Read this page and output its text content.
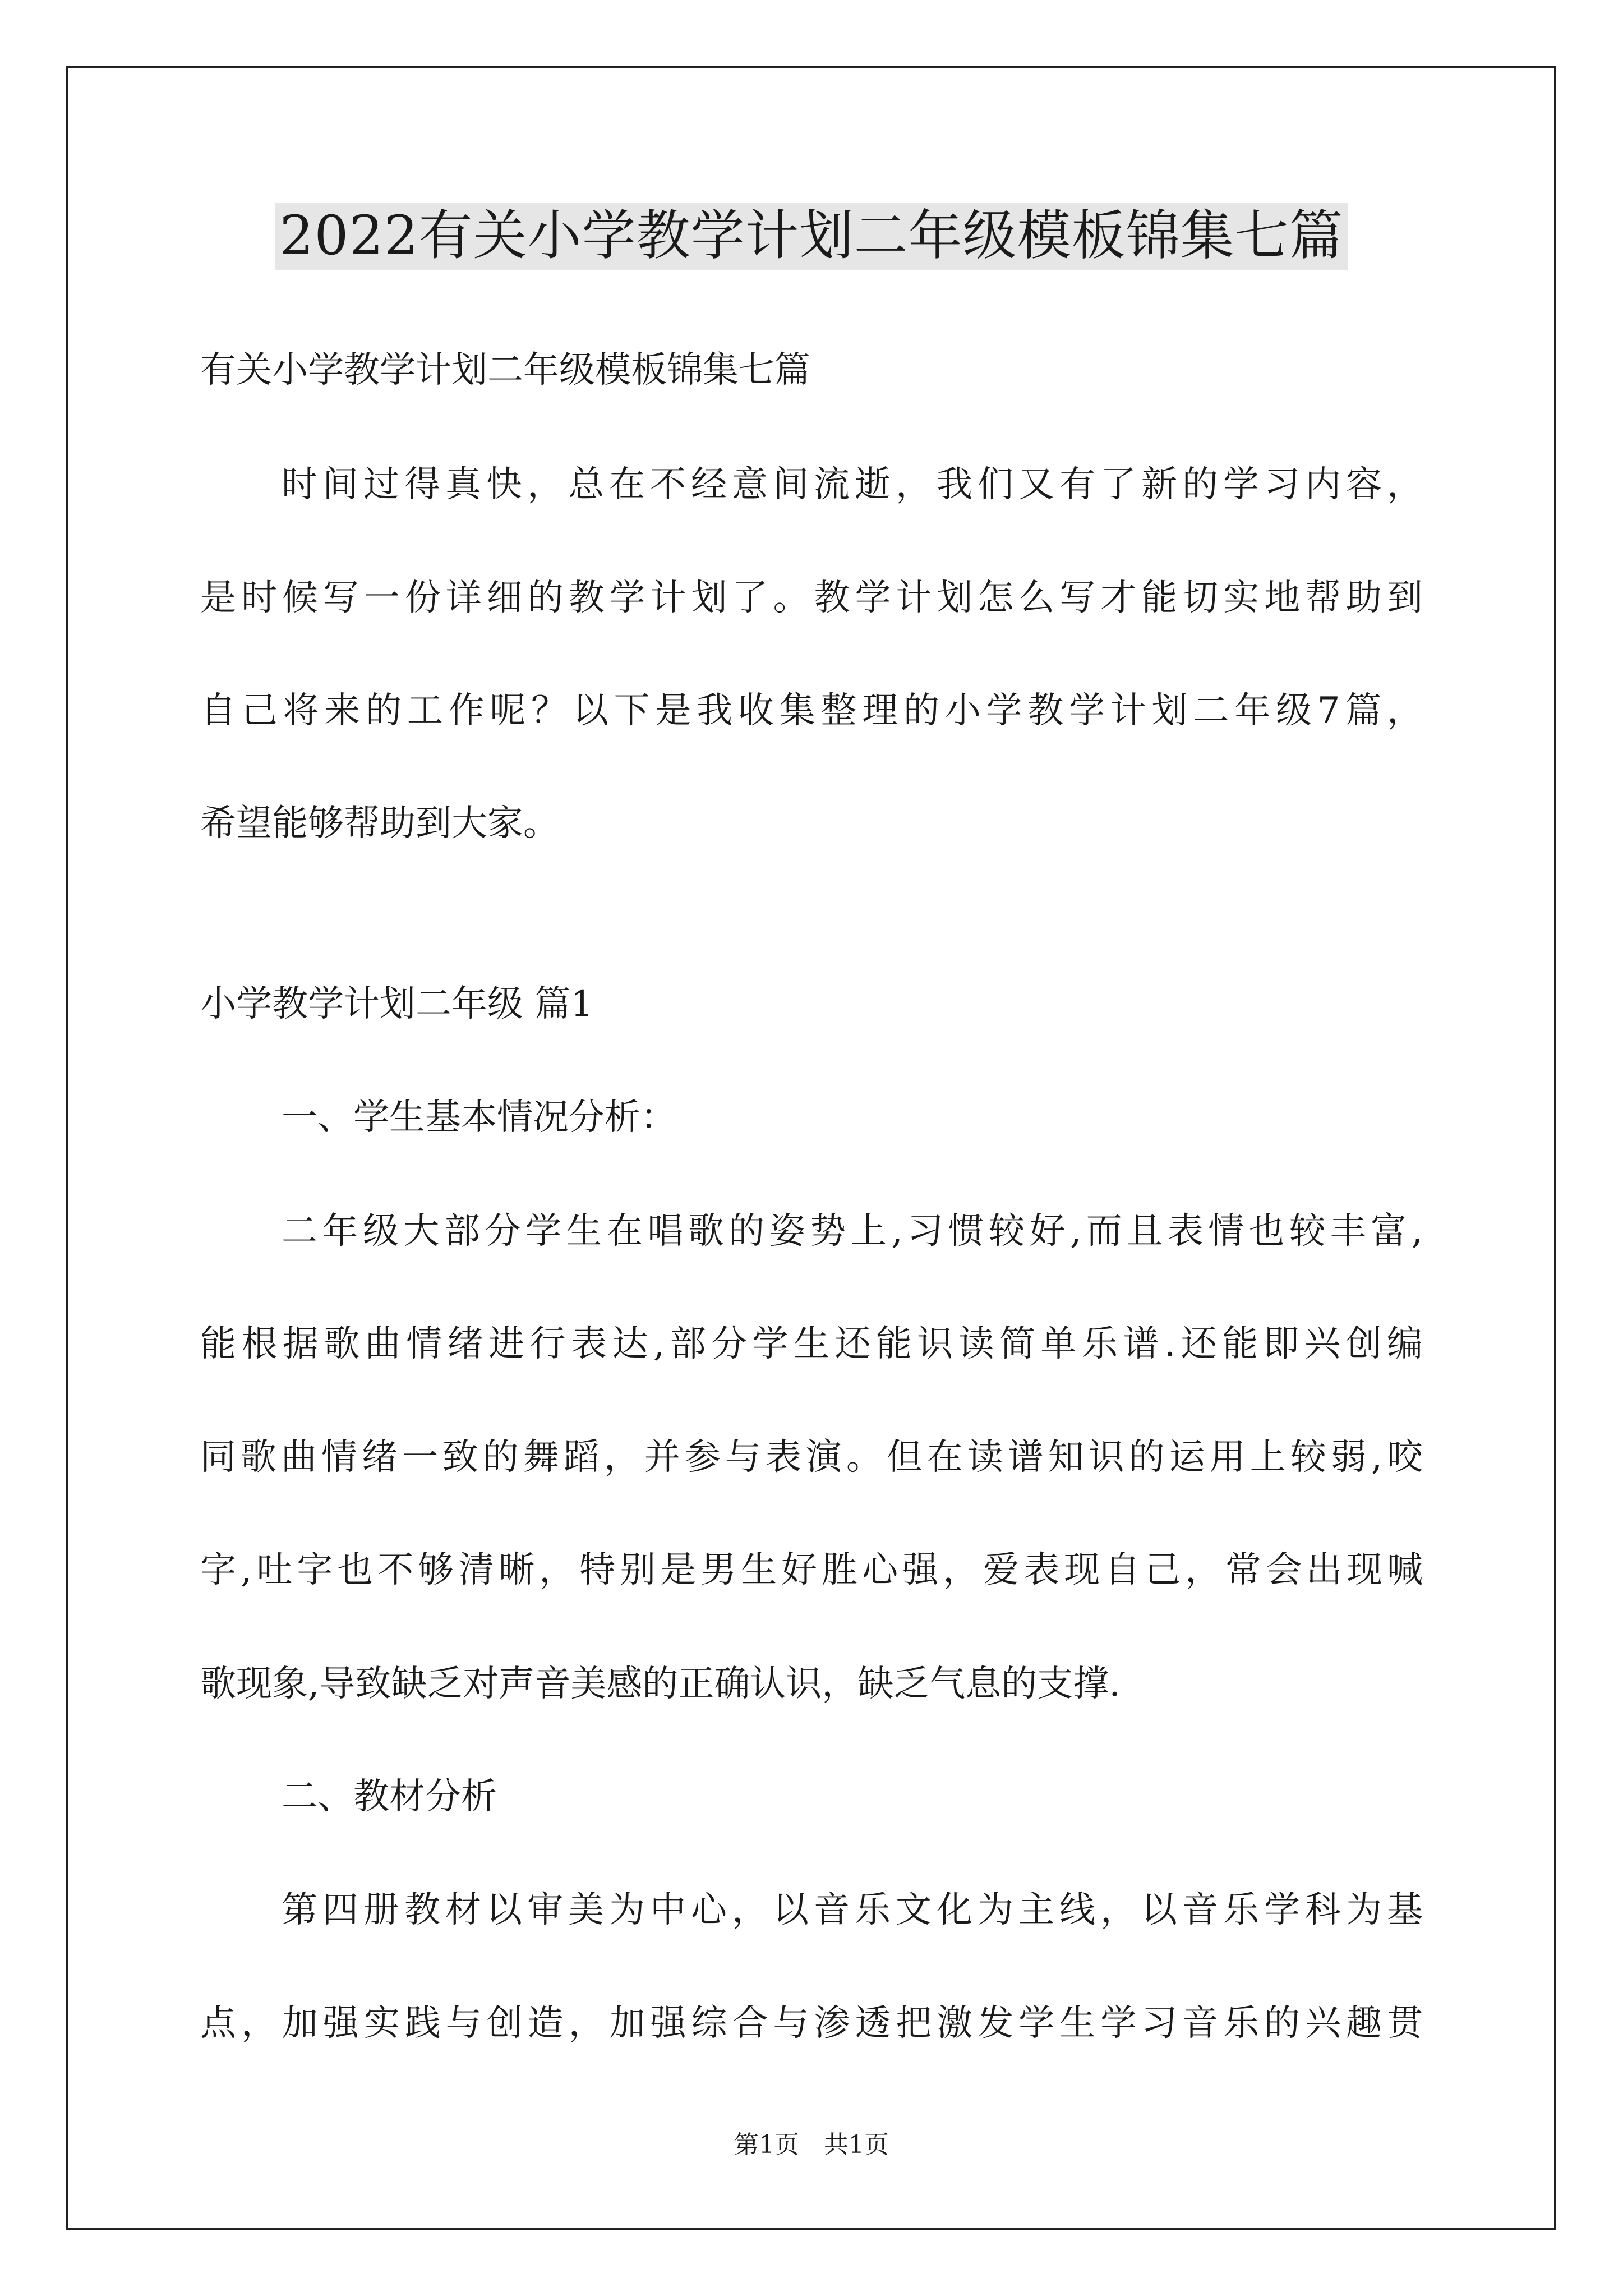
2022有关小学教学计划二年级模板锦集七篇
有关小学教学计划二年级模板锦集七篇
时间过得真快，总在不经意间流逝，我们又有了新的学习内容，
是时候写一份详细的教学计划了。教学计划怎么写才能切实地帮助到
自己将来的工作呢？以下是我收集整理的小学教学计划二年级7篇，
希望能够帮助到大家。
小学教学计划二年级 篇1
一、学生基本情况分析：
二年级大部分学生在唱歌的姿势上,习惯较好,而且表情也较丰富,
能根据歌曲情绪进行表达,部分学生还能识读简单乐谱.还能即兴创编
同歌曲情绪一致的舞蹈，并参与表演。但在读谱知识的运用上较弱,咬
字,吐字也不够清晰，特别是男生好胜心强，爱表现自己，常会出现喊
歌现象,导致缺乏对声音美感的正确认识，缺乏气息的支撑.
二、教材分析
第四册教材以审美为中心，以音乐文化为主线，以音乐学科为基
点，加强实践与创造，加强综合与渗透把激发学生学习音乐的兴趣贯
第1页　共1页
